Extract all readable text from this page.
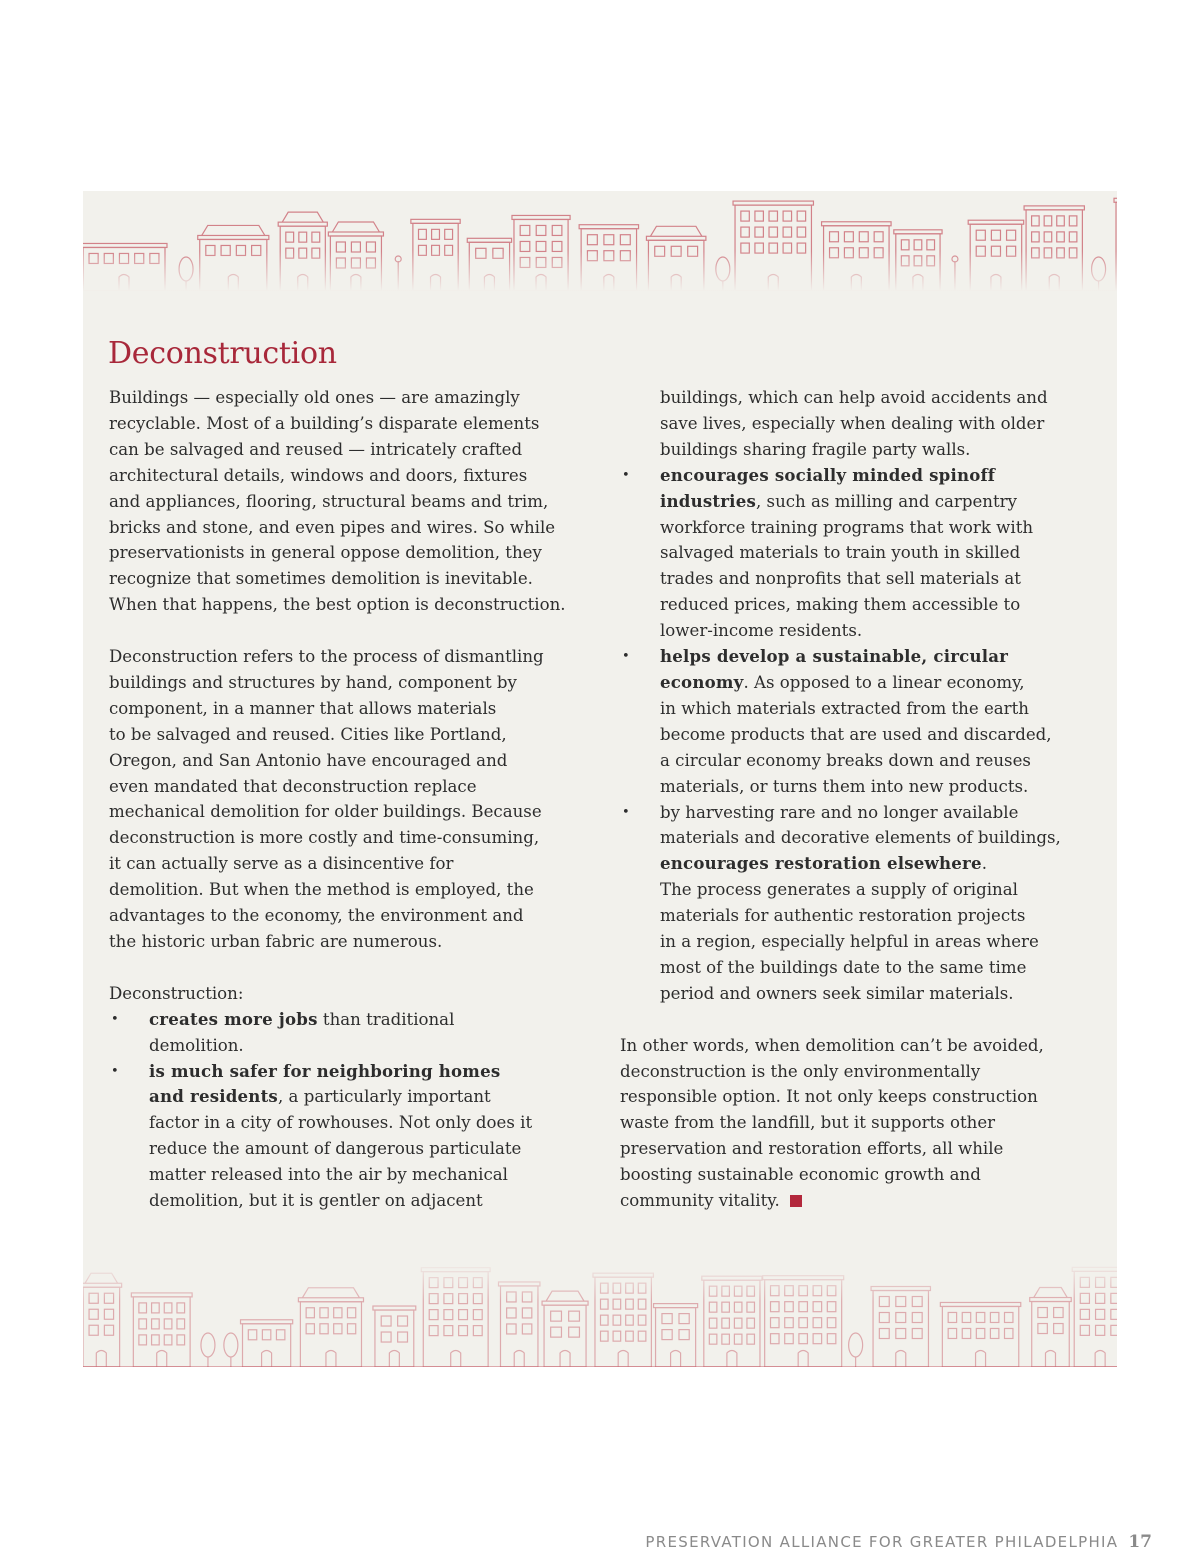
Deconstruction

Buildings — especially old ones — are amazingly
recyclable. Most of a building’s disparate elements
can be salvaged and reused — intricately crafted
architectural details, windows and doors, fixtures
and appliances, flooring, structural beams and trim,
bricks and stone, and even pipes and wires. So while
preservationists in general oppose demolition, they
recognize that sometimes demolition is inevitable.
When that happens, the best option is deconstruction.

Deconstruction refers to the process of dismantling
buildings and structures by hand, component by
component, in a manner that allows materials
to be salvaged and reused. Cities like Portland,
Oregon, and San Antonio have encouraged and
even mandated that deconstruction replace
mechanical demolition for older buildings. Because
deconstruction is more costly and time-consuming,
it can actually serve as a disincentive for
demolition. But when the method is employed, the
advantages to the economy, the environment and
the historic urban fabric are numerous.

Deconstruction:

• creates more jobs than traditional
demolition.
• is much safer for neighboring homes
and residents, a particularly important
factor in a city of rowhouses. Not only does it
reduce the amount of dangerous particulate
matter released into the air by mechanical
demolition, but it is gentler on adjacent
buildings, which can help avoid accidents and
save lives, especially when dealing with older
buildings sharing fragile party walls.
• encourages socially minded spinoff
industries, such as milling and carpentry
workforce training programs that work with
salvaged materials to train youth in skilled
trades and nonprofits that sell materials at
reduced prices, making them accessible to
lower-income residents.
• helps develop a sustainable, circular
economy. As opposed to a linear economy,
in which materials extracted from the earth
become products that are used and discarded,
a circular economy breaks down and reuses
materials, or turns them into new products.
• by harvesting rare and no longer available
materials and decorative elements of buildings,
encourages restoration elsewhere.
The process generates a supply of original
materials for authentic restoration projects
in a region, especially helpful in areas where
most of the buildings date to the same time
period and owners seek similar materials.

In other words, when demolition can’t be avoided,
deconstruction is the only environmentally
responsible option. It not only keeps construction
waste from the landfill, but it supports other
preservation and restoration efforts, all while
boosting sustainable economic growth and
community vitality.

PRESERVATION ALLIANCE FOR GREATER PHILADELPHIA 17
